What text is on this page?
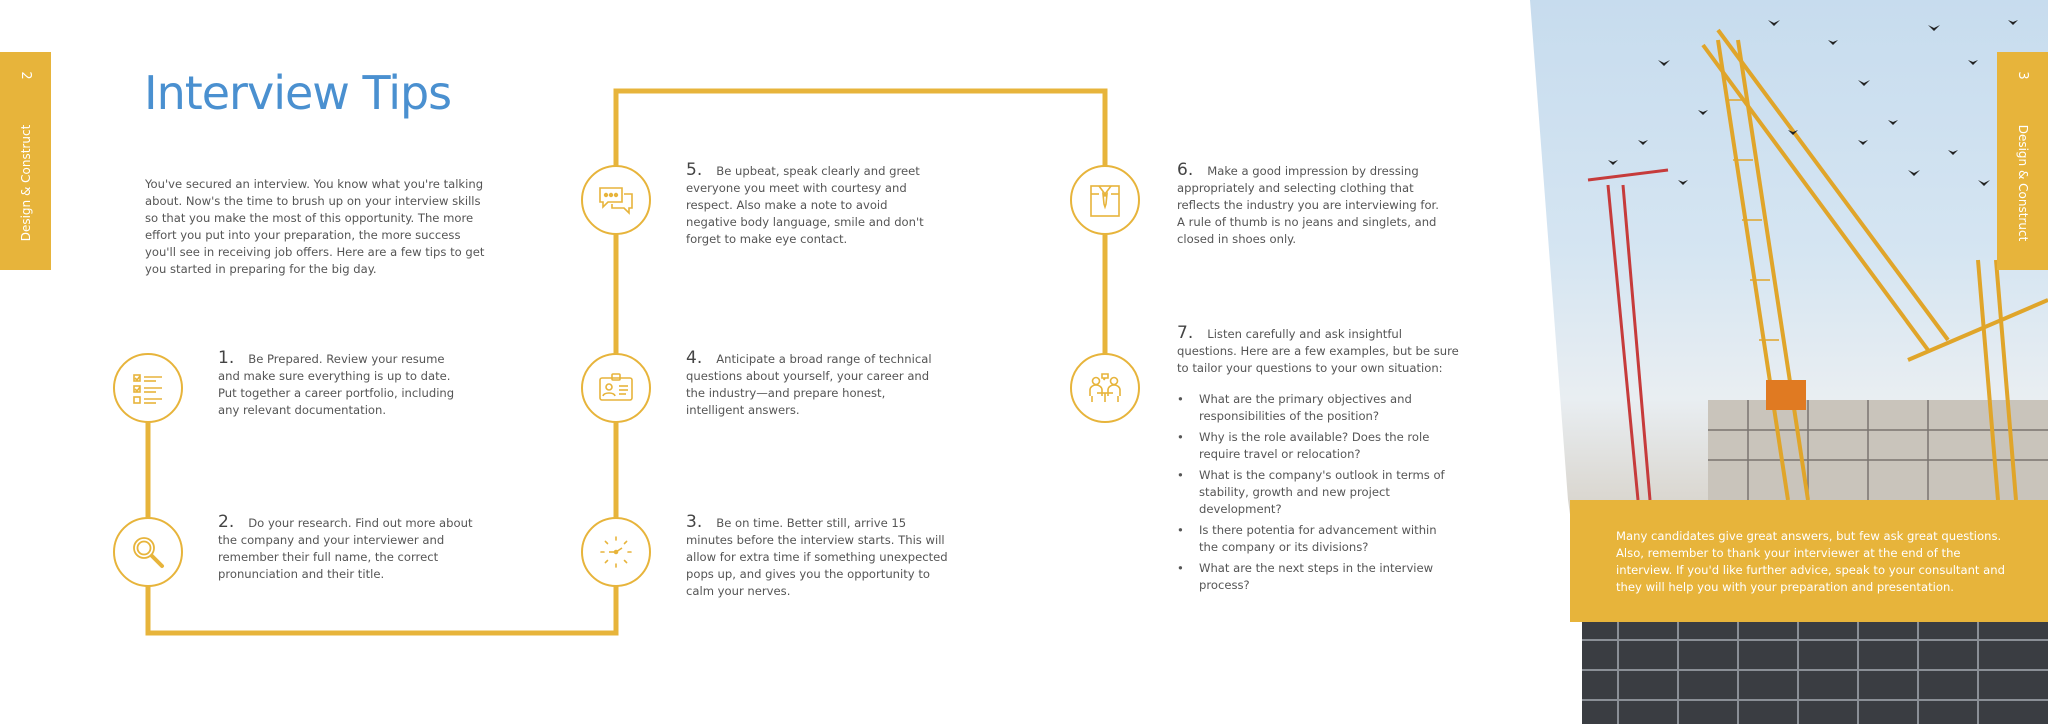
2
Design & Construct
Interview Tips
You've secured an interview. You know what you're talking about. Now's the time to brush up on your interview skills so that you make the most of this opportunity. The more effort you put into your preparation, the more success you'll see in receiving job offers. Here are a few tips to get you started in preparing for the big day.
1. Be Prepared. Review your resume and make sure everything is up to date.
Put together a career portfolio, including any relevant documentation.
2. Do your research. Find out more about the company and your interviewer and remember their full name, the correct pronunciation and their title.
3. Be on time. Better still, arrive 15 minutes before the interview starts. This will allow for extra time if something unexpected pops up, and gives you the opportunity to calm your nerves.
4. Anticipate a broad range of technical questions about yourself, your career and the industry—and prepare honest, intelligent answers.
5. Be upbeat, speak clearly and greet everyone you meet with courtesy and respect. Also make a note to avoid negative body language, smile and don't forget to make eye contact.
6. Make a good impression by dressing appropriately and selecting clothing that reflects the industry you are interviewing for.
A rule of thumb is no jeans and singlets, and closed in shoes only.
7. Listen carefully and ask insightful questions. Here are a few examples, but be sure to tailor your questions to your own situation:
• What are the primary objectives and responsibilities of the position?
• Why is the role available? Does the role require travel or relocation?
• What is the company's outlook in terms of stability, growth and new project development?
• Is there potentia for advancement within the company or its divisions?
• What are the next steps in the interview process?
3
Design & Construct
Many candidates give great answers, but few ask great questions. Also, remember to thank your interviewer at the end of the interview. If you'd like further advice, speak to your consultant and they will help you with your preparation and presentation.
